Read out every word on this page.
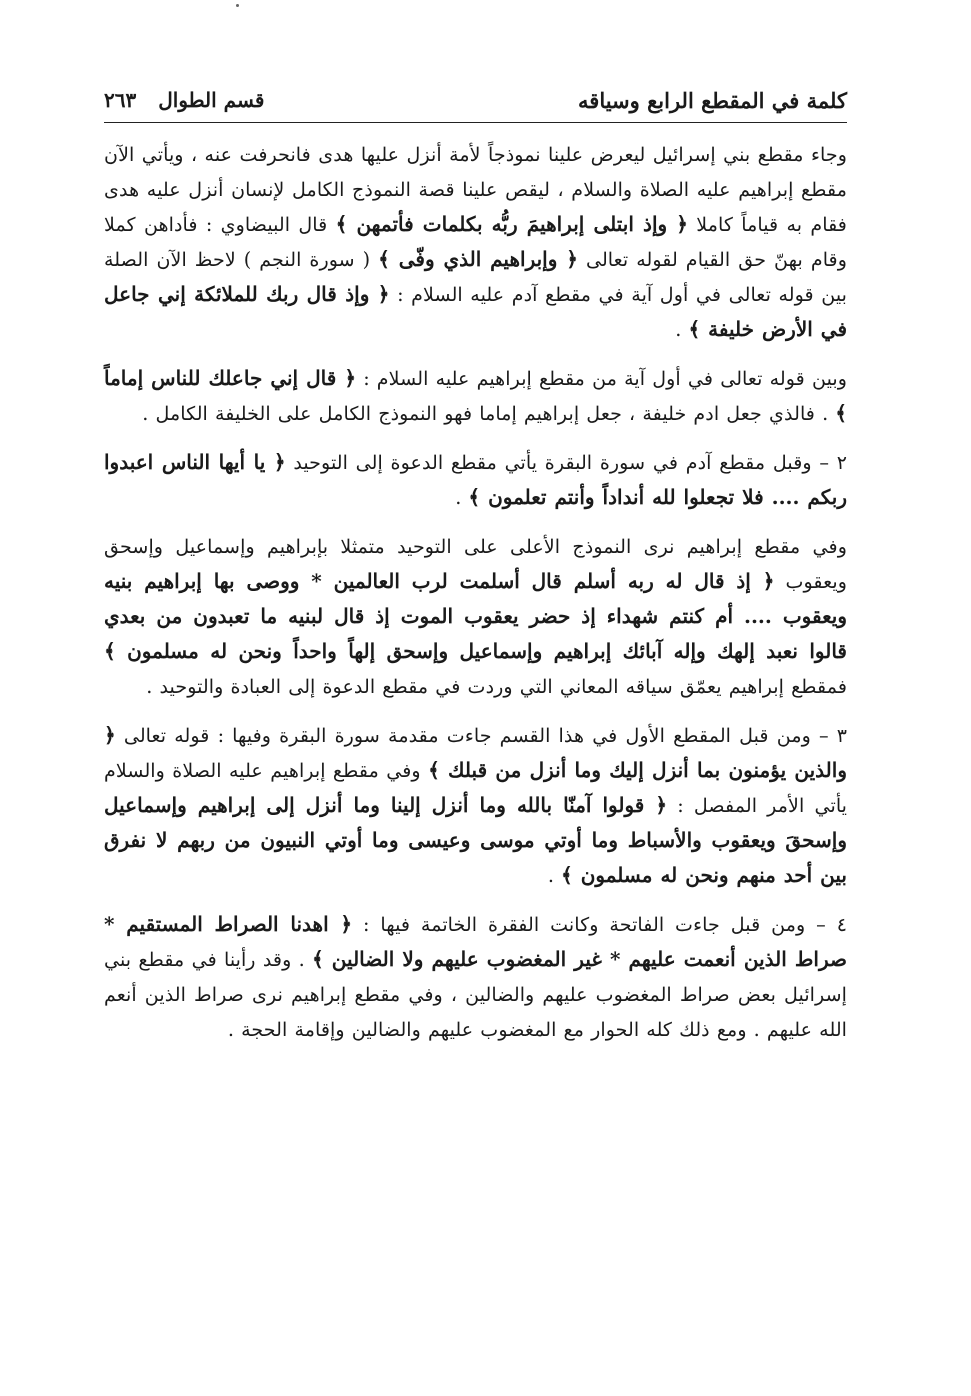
كلمة في المقطع الرابع وسياقه
قسم الطوال
٢٦٣

وجاء مقطع بني إسرائيل ليعرض علينا نموذجاً لأمة أنزل عليها هدى فانحرفت عنه ، ويأتي الآن مقطع إبراهيم عليه الصلاة والسلام ، ليقص علينا قصة النموذج الكامل لإنسان أنزل عليه هدى فقام به قياماً كاملا ﴿ وإذ ابتلى إبراهيمَ ربُّه بكلمات فأتمهن ﴾ قال البيضاوي : فأداهن كملا وقام بهنّ حق القيام لقوله تعالى ﴿ وإبراهيم الذي وفّى ﴾ ( سورة النجم ) لاحظ الآن الصلة بين قوله تعالى في أول آية في مقطع آدم عليه السلام : ﴿ وإذ قال ربك للملائكة إني جاعل في الأرض خليفة ﴾ .

وبين قوله تعالى في أول آية من مقطع إبراهيم عليه السلام : ﴿ قال إني جاعلك للناس إماماً ﴾ . فالذي جعل ادم خليفة ، جعل إبراهيم إماما فهو النموذج الكامل على الخليفة الكامل .

٢ – وقبل مقطع آدم في سورة البقرة يأتي مقطع الدعوة إلى التوحيد ﴿ يا أيها الناس اعبدوا ربكم .... فلا تجعلوا لله أنداداً وأنتم تعلمون ﴾ .

وفي مقطع إبراهيم نرى النموذج الأعلى على التوحيد متمثلا بإبراهيم وإسماعيل وإسحق ويعقوب ﴿ إذ قال له ربه أسلم قال أسلمت لرب العالمين * ووصى بها إبراهيم بنيه ويعقوب .... أم كنتم شهداء إذ حضر يعقوب الموت إذ قال لبنيه ما تعبدون من بعدي قالوا نعبد إلهك وإله آبائك إبراهيم وإسماعيل وإسحق إلهاً واحداً ونحن له مسلمون ﴾ فمقطع إبراهيم يعمّق سياقه المعاني التي وردت في مقطع الدعوة إلى العبادة والتوحيد .

٣ – ومن قبل المقطع الأول في هذا القسم جاءت مقدمة سورة البقرة وفيها : قوله تعالى ﴿ والذين يؤمنون بما أنزل إليك وما أنزل من قبلك ﴾ وفي مقطع إبراهيم عليه الصلاة والسلام يأتي الأمر المفصل : ﴿ قولوا آمنّا بالله وما أنزل إلينا وما أنزل إلى إبراهيم وإسماعيل وإسحقَ ويعقوب والأسباط وما أوتي موسى وعيسى وما أوتي النبيون من ربهم لا نفرق بين أحد منهم ونحن له مسلمون ﴾ .

٤ – ومن قبل جاءت الفاتحة وكانت الفقرة الخاتمة فيها : ﴿ اهدنا الصراط المستقيم * صراط الذين أنعمت عليهم * غير المغضوب عليهم ولا الضالين ﴾ . وقد رأينا في مقطع بني إسرائيل بعض صراط المغضوب عليهم والضالين ، وفي مقطع إبراهيم نرى صراط الذين أنعم الله عليهم . ومع ذلك كله الحوار مع المغضوب عليهم والضالين وإقامة الحجة .
